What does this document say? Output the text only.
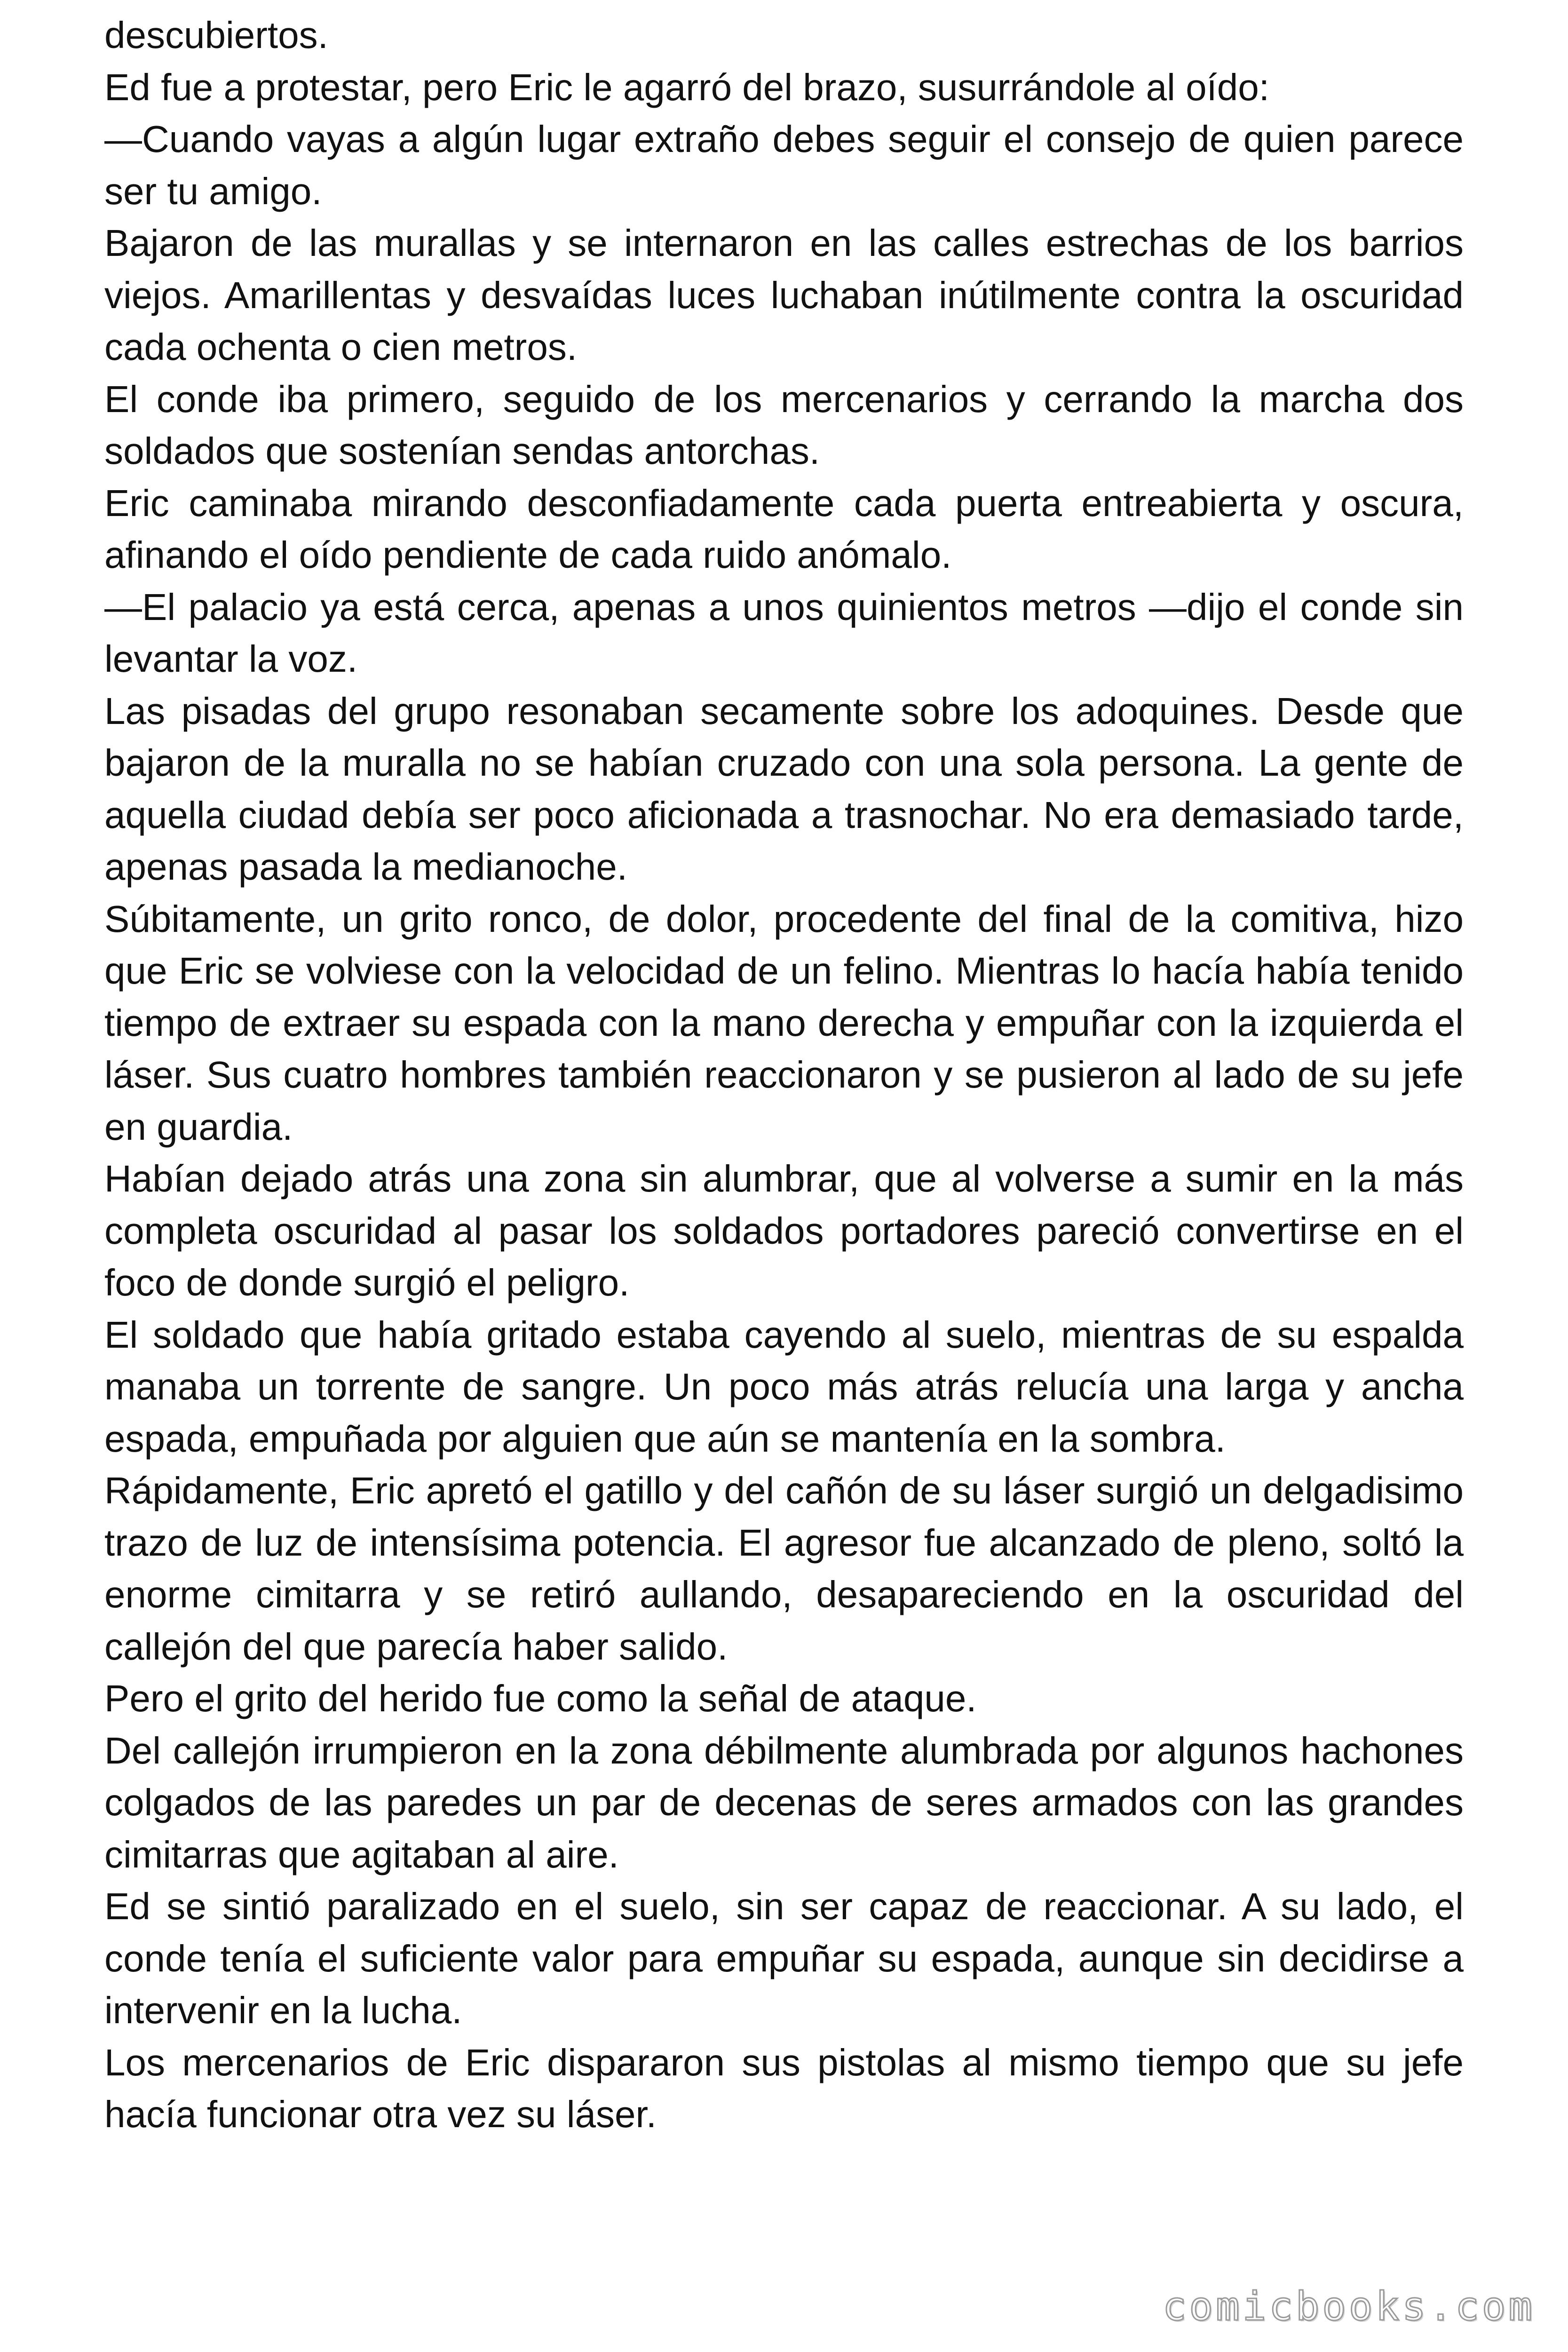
descubiertos.

Ed fue a protestar, pero Eric le agarró del brazo, susurrándole al oído:

—Cuando vayas a algún lugar extraño debes seguir el consejo de quien parece ser tu amigo.

Bajaron de las murallas y se internaron en las calles estrechas de los barrios viejos. Amarillentas y desvaídas luces luchaban inútilmente contra la oscuridad cada ochenta o cien metros.

El conde iba primero, seguido de los mercenarios y cerrando la marcha dos soldados que sostenían sendas antorchas.

Eric caminaba mirando desconfiadamente cada puerta entreabierta y oscura, afinando el oído pendiente de cada ruido anómalo.

—El palacio ya está cerca, apenas a unos quinientos metros —dijo el conde sin levantar la voz.

Las pisadas del grupo resonaban secamente sobre los adoquines. Desde que bajaron de la muralla no se habían cruzado con una sola persona. La gente de aquella ciudad debía ser poco aficionada a trasnochar. No era demasiado tarde, apenas pasada la medianoche.

Súbitamente, un grito ronco, de dolor, procedente del final de la comitiva, hizo que Eric se volviese con la velocidad de un felino. Mientras lo hacía había tenido tiempo de extraer su espada con la mano derecha y empuñar con la izquierda el láser. Sus cuatro hombres también reaccionaron y se pusieron al lado de su jefe en guardia.

Habían dejado atrás una zona sin alumbrar, que al volverse a sumir en la más completa oscuridad al pasar los soldados portadores pareció convertirse en el foco de donde surgió el peligro.

El soldado que había gritado estaba cayendo al suelo, mientras de su espalda manaba un torrente de sangre. Un poco más atrás relucía una larga y ancha espada, empuñada por alguien que aún se mantenía en la sombra.

Rápidamente, Eric apretó el gatillo y del cañón de su láser surgió un delgadisimo trazo de luz de intensísima potencia. El agresor fue alcanzado de pleno, soltó la enorme cimitarra y se retiró aullando, desapareciendo en la oscuridad del callejón del que parecía haber salido.

Pero el grito del herido fue como la señal de ataque.

Del callejón irrumpieron en la zona débilmente alumbrada por algunos hachones colgados de las paredes un par de decenas de seres armados con las grandes cimitarras que agitaban al aire.

Ed se sintió paralizado en el suelo, sin ser capaz de reaccionar. A su lado, el conde tenía el suficiente valor para empuñar su espada, aunque sin decidirse a intervenir en la lucha.

Los mercenarios de Eric dispararon sus pistolas al mismo tiempo que su jefe hacía funcionar otra vez su láser.

comicbooks.com
